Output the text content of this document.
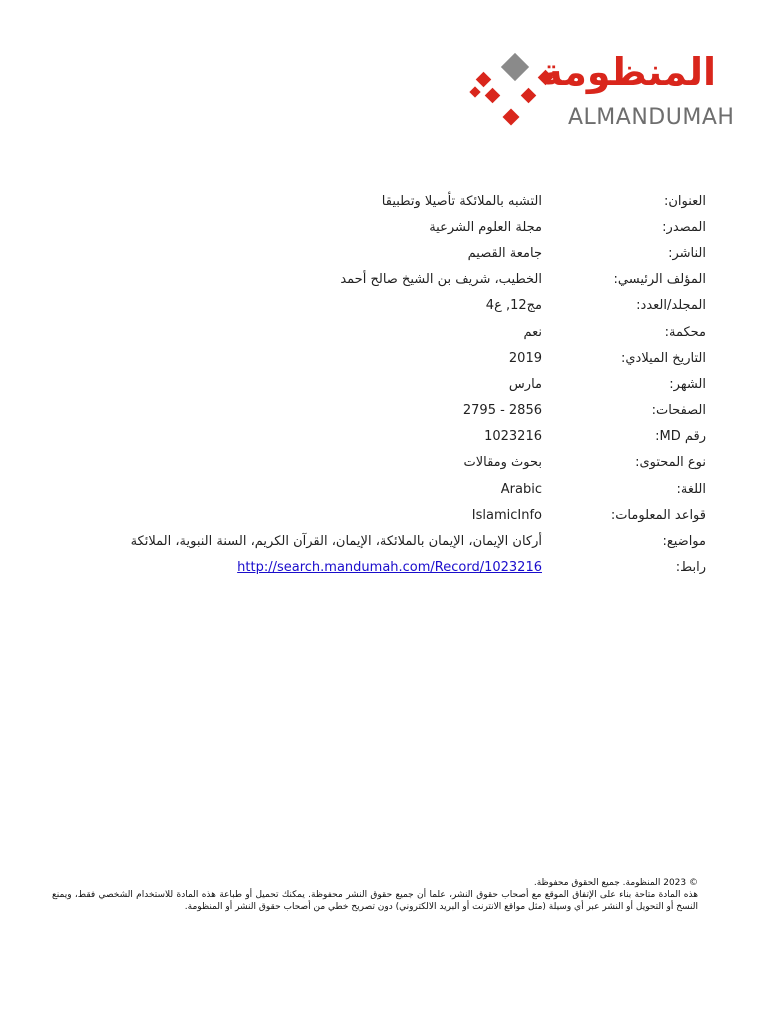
المنظومة
ALMANDUMAH
العنوان:
التشبه بالملائكة تأصيلا وتطبيقا
المصدر:
مجلة العلوم الشرعية
الناشر:
جامعة القصيم
المؤلف الرئيسي:
الخطيب، شريف بن الشيخ صالح أحمد
المجلد/العدد:
مج12, ع4
محكمة:
نعم
التاريخ الميلادي:
2019
الشهر:
مارس
الصفحات:
2795 - 2856
رقم MD:
1023216
نوع المحتوى:
بحوث ومقالات
اللغة:
Arabic
قواعد المعلومات:
IslamicInfo
مواضيع:
أركان الإيمان، الإيمان بالملائكة، الإيمان، القرآن الكريم، السنة النبوية، الملائكة
رابط:
http://search.mandumah.com/Record/1023216

© 2023 المنظومة. جميع الحقوق محفوظة.

هذه المادة متاحة بناء على الإتفاق الموقع مع أصحاب حقوق النشر، علما أن جميع حقوق النشر محفوظة. يمكنك تحميل أو طباعة هذه المادة للاستخدام الشخصي فقط، ويمنع النسخ أو التحويل أو النشر عبر أي وسيلة (مثل مواقع الانترنت أو البريد الالكتروني) دون تصريح خطي من أصحاب حقوق النشر أو المنظومة.
